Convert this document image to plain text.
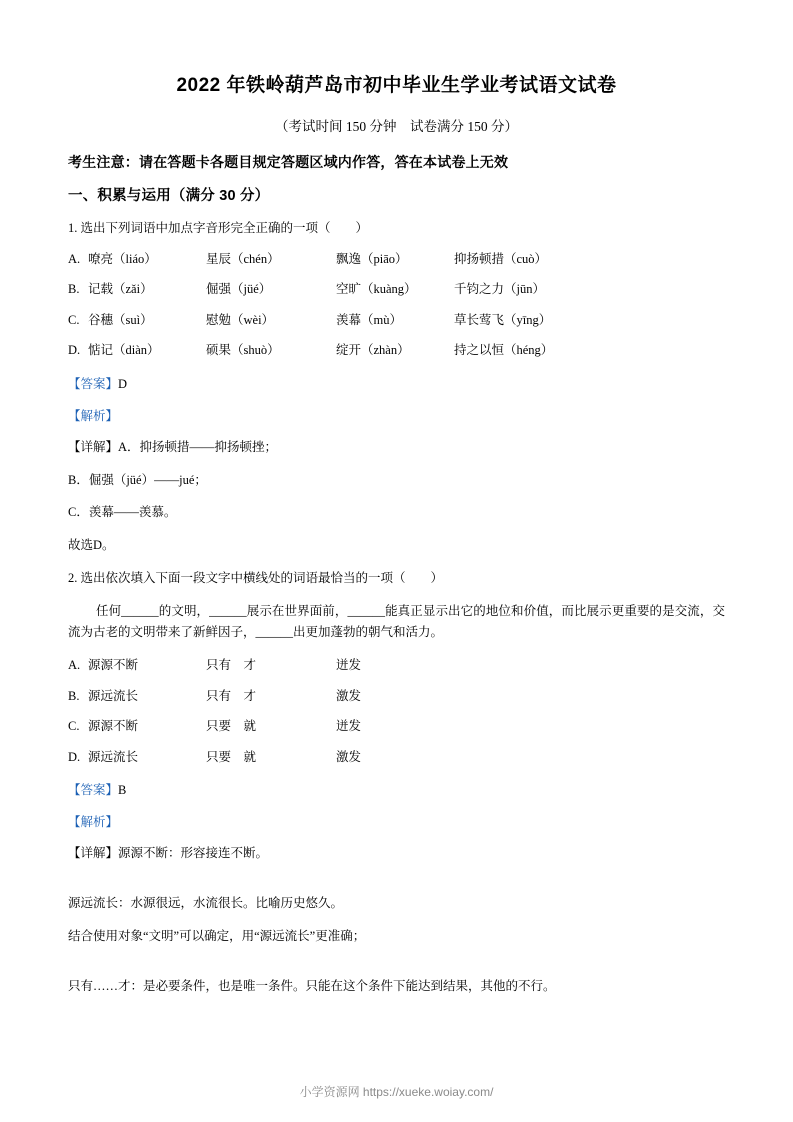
2022 年铁岭葫芦岛市初中毕业生学业考试语文试卷
（考试时间 150 分钟　试卷满分 150 分）
考生注意：请在答题卡各题目规定答题区域内作答，答在本试卷上无效
一、积累与运用（满分 30 分）
1. 选出下列词语中加点字音形完全正确的一项（　　）
A. 嘹亮（liáo）	星辰（chén）	飘逸（piāo）	抑扬顿措（cuò）
B. 记载（zǎi）	倔强（jüé）	空旷（kuàng）	千钧之力（jūn）
C. 谷穗（suì）	慰勉（wèi）	羡幕（mù）	草长莺飞（yīng）
D. 惦记（diàn）	硕果（shuò）	绽开（zhàn）	持之以恒（héng）
【答案】D
【解析】
【详解】A．抑扬顿措——抑扬顿挫；
B．倔强（jüé）——jué；
C．羡幕——羡慕。
故选D。
2. 选出依次填入下面一段文字中横线处的词语最恰当的一项（　　）
任何______的文明，______展示在世界面前，______能真正显示出它的地位和价值，而比展示更重要的是交流，交流为古老的文明带来了新鲜因子，______出更加蓬勃的朝气和活力。
A. 源源不断	只有　才	迸发
B. 源远流长	只有　才	激发
C. 源源不断	只要　就	迸发
D. 源远流长	只要　就	激发
【答案】B
【解析】
【详解】源源不断：形容接连不断。
源远流长：水源很远，水流很长。比喻历史悠久。
结合使用对象“文明”可以确定，用“源远流长”更准确；
只有……才：是必要条件，也是唯一条件。只能在这个条件下能达到结果，其他的不行。
小学资源网 https://xueke.woiay.com/
